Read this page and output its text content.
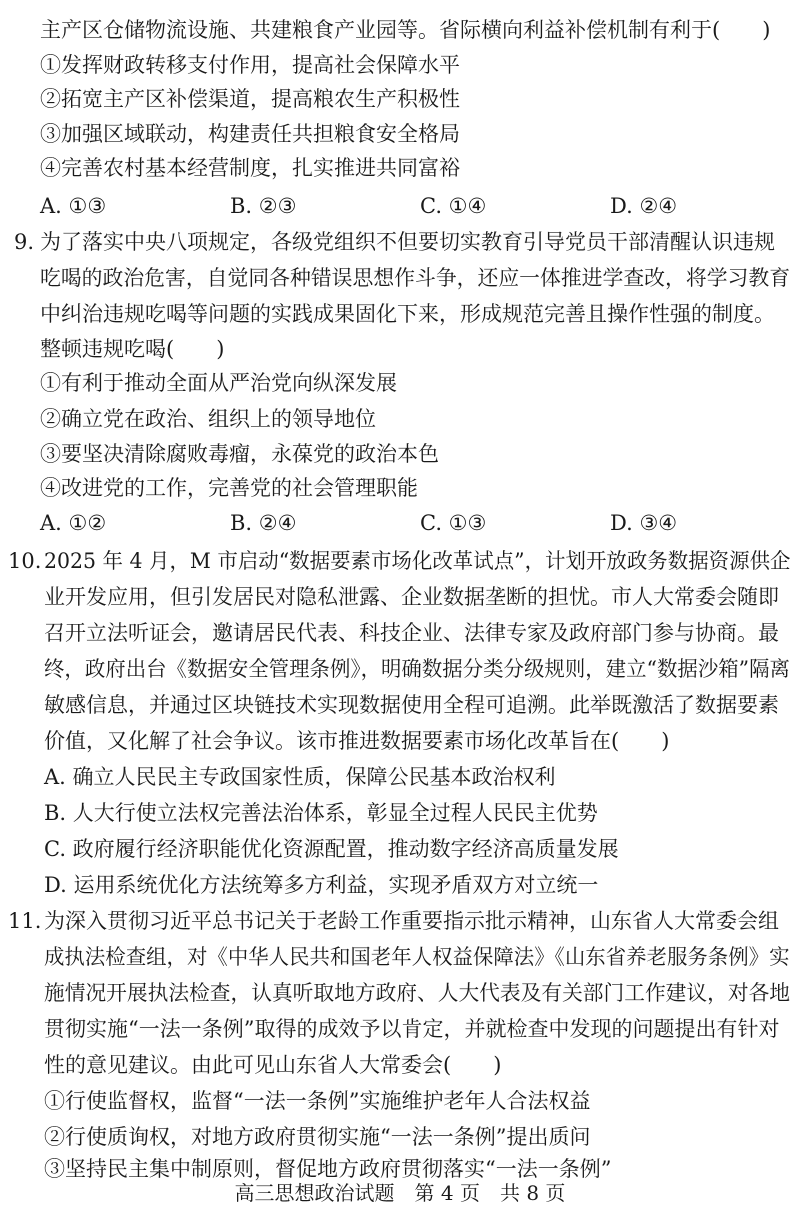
主产区仓储物流设施、共建粮食产业园等。省际横向利益补偿机制有利于(　　)
①发挥财政转移支付作用，提高社会保障水平
②拓宽主产区补偿渠道，提高粮农生产积极性
③加强区域联动，构建责任共担粮食安全格局
④完善农村基本经营制度，扎实推进共同富裕
A. ①③	B. ②③	C. ①④	D. ②④
9. 为了落实中央八项规定，各级党组织不但要切实教育引导党员干部清醒认识违规
吃喝的政治危害，自觉同各种错误思想作斗争，还应一体推进学查改，将学习教育
中纠治违规吃喝等问题的实践成果固化下来，形成规范完善且操作性强的制度。
整顿违规吃喝(　　)
①有利于推动全面从严治党向纵深发展
②确立党在政治、组织上的领导地位
③要坚决清除腐败毒瘤，永葆党的政治本色
④改进党的工作，完善党的社会管理职能
A. ①②	B. ②④	C. ①③	D. ③④
10. 2025 年 4 月，M 市启动“数据要素市场化改革试点”，计划开放政务数据资源供企
业开发应用，但引发居民对隐私泄露、企业数据垄断的担忧。市人大常委会随即
召开立法听证会，邀请居民代表、科技企业、法律专家及政府部门参与协商。最
终，政府出台《数据安全管理条例》，明确数据分类分级规则，建立“数据沙箱”隔离
敏感信息，并通过区块链技术实现数据使用全程可追溯。此举既激活了数据要素
价值，又化解了社会争议。该市推进数据要素市场化改革旨在(　　)
A. 确立人民民主专政国家性质，保障公民基本政治权利
B. 人大行使立法权完善法治体系，彰显全过程人民民主优势
C. 政府履行经济职能优化资源配置，推动数字经济高质量发展
D. 运用系统优化方法统筹多方利益，实现矛盾双方对立统一
11. 为深入贯彻习近平总书记关于老龄工作重要指示批示精神，山东省人大常委会组
成执法检查组，对《中华人民共和国老年人权益保障法》《山东省养老服务条例》实
施情况开展执法检查，认真听取地方政府、人大代表及有关部门工作建议，对各地
贯彻实施“一法一条例”取得的成效予以肯定，并就检查中发现的问题提出有针对
性的意见建议。由此可见山东省人大常委会(　　)
①行使监督权，监督“一法一条例”实施维护老年人合法权益
②行使质询权，对地方政府贯彻实施“一法一条例”提出质问
③坚持民主集中制原则，督促地方政府贯彻落实“一法一条例”
高三思想政治试题　第 4 页　共 8 页
